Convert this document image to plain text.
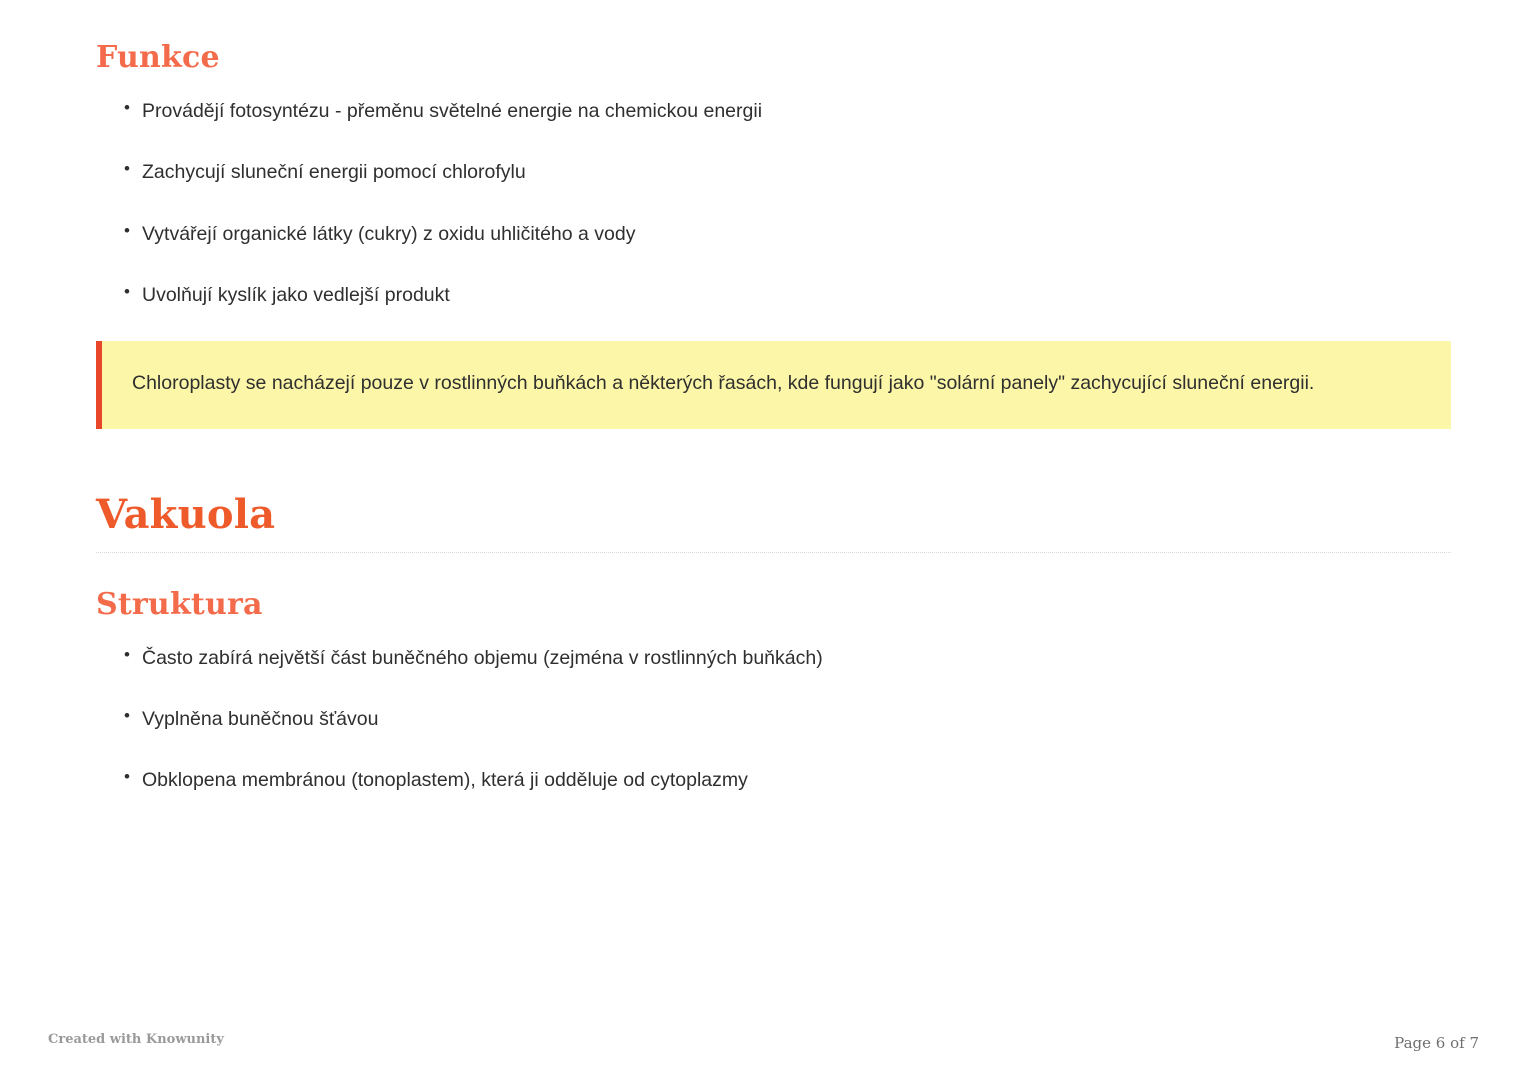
Funkce
• Provádějí fotosyntézu - přeměnu světelné energie na chemickou energii
• Zachycují sluneční energii pomocí chlorofylu
• Vytvářejí organické látky (cukry) z oxidu uhličitého a vody
• Uvolňují kyslík jako vedlejší produkt

Chloroplasty se nacházejí pouze v rostlinných buňkách a některých řasách, kde fungují jako "solární panely" zachycující sluneční energii.

Vakuola
Struktura
• Často zabírá největší část buněčného objemu (zejména v rostlinných buňkách)
• Vyplněna buněčnou šťávou
• Obklopena membránou (tonoplastem), která ji odděluje od cytoplazmy
Created with Knowunity	Page 6 of 7
